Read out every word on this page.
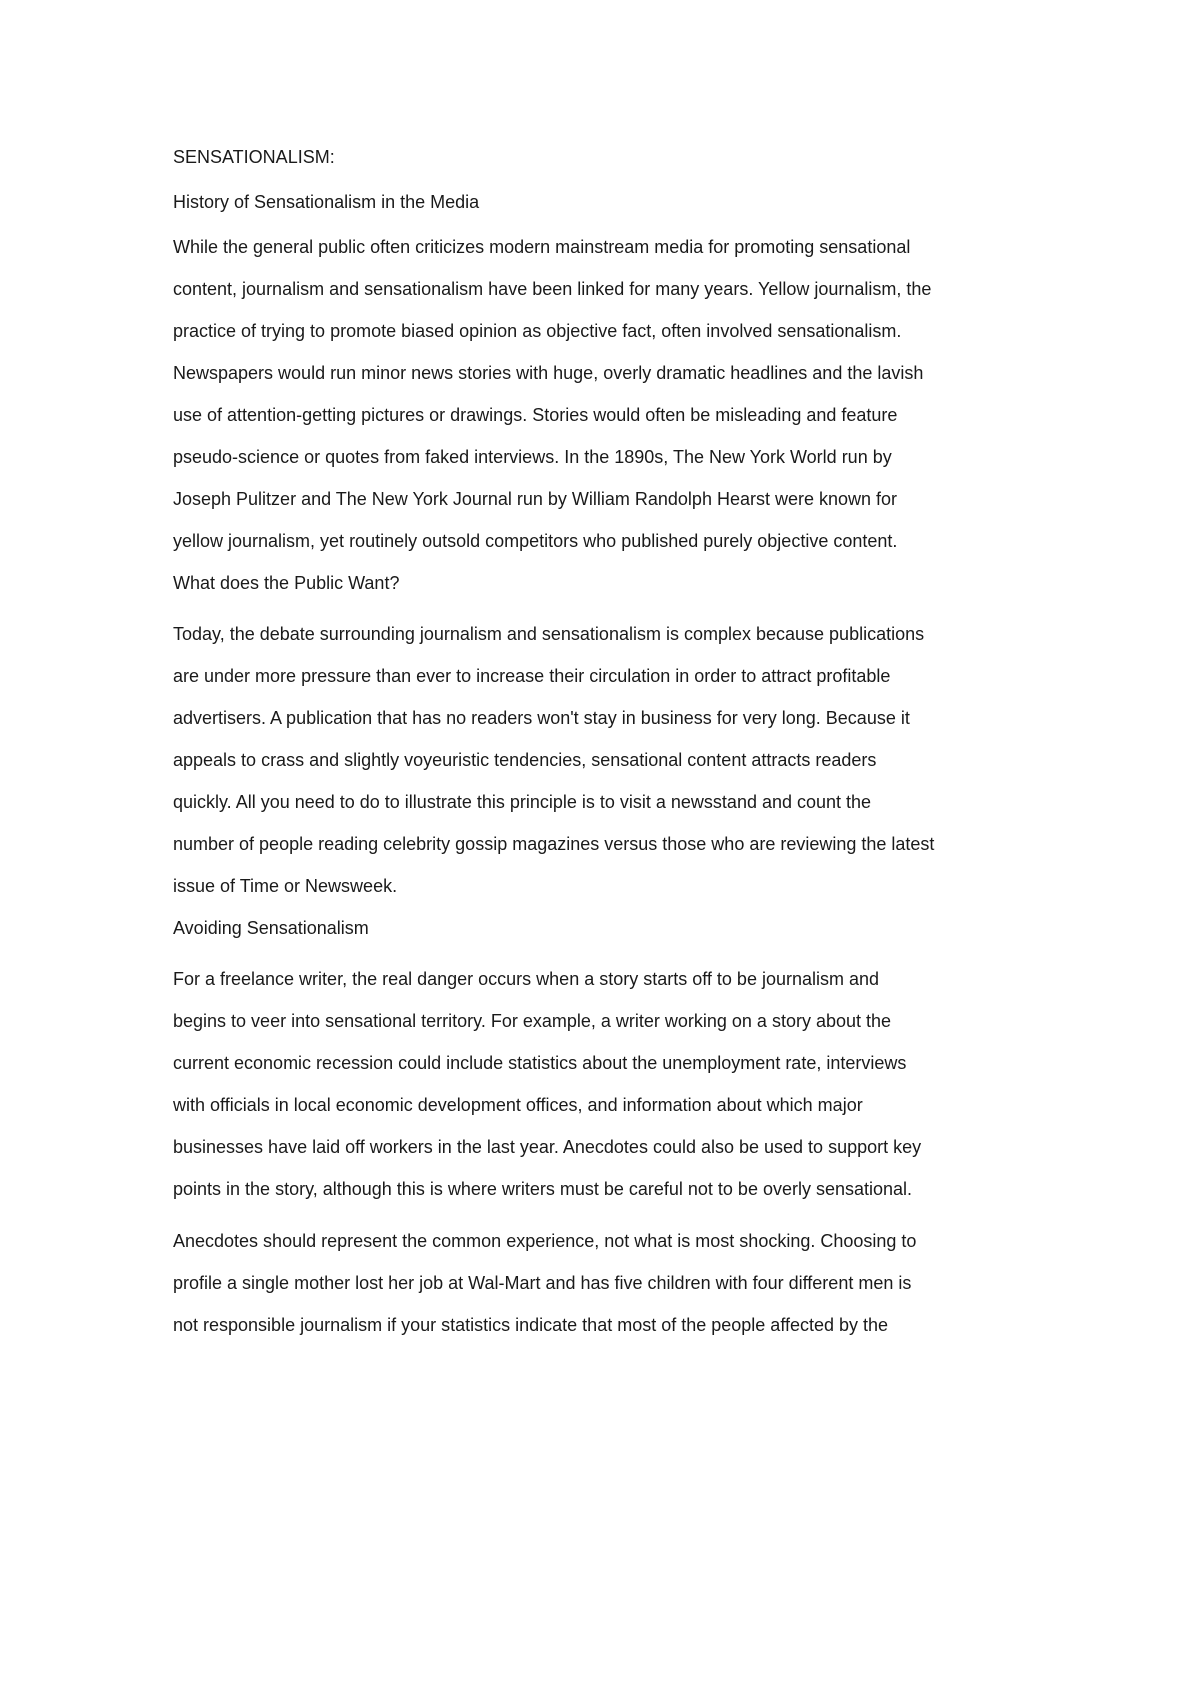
SENSATIONALISM:

History of Sensationalism in the Media

While the general public often criticizes modern mainstream media for promoting sensational

content, journalism and sensationalism have been linked for many years. Yellow journalism, the

practice of trying to promote biased opinion as objective fact, often involved sensationalism.

Newspapers would run minor news stories with huge, overly dramatic headlines and the lavish

use of attention-getting pictures or drawings. Stories would often be misleading and feature

pseudo-science or quotes from faked interviews. In the 1890s, The New York World run by

Joseph Pulitzer and The New York Journal run by William Randolph Hearst were known for

yellow journalism, yet routinely outsold competitors who published purely objective content.

What does the Public Want?

Today, the debate surrounding journalism and sensationalism is complex because publications

are under more pressure than ever to increase their circulation in order to attract profitable

advertisers. A publication that has no readers won't stay in business for very long. Because it

appeals to crass and slightly voyeuristic tendencies, sensational content attracts readers

quickly. All you need to do to illustrate this principle is to visit a newsstand and count the

number of people reading celebrity gossip magazines versus those who are reviewing the latest

issue of Time or Newsweek.

Avoiding Sensationalism

For a freelance writer, the real danger occurs when a story starts off to be journalism and

begins to veer into sensational territory. For example, a writer working on a story about the

current economic recession could include statistics about the unemployment rate, interviews

with officials in local economic development offices, and information about which major

businesses have laid off workers in the last year. Anecdotes could also be used to support key

points in the story, although this is where writers must be careful not to be overly sensational.

Anecdotes should represent the common experience, not what is most shocking. Choosing to

profile a single mother lost her job at Wal-Mart and has five children with four different men is

not responsible journalism if your statistics indicate that most of the people affected by the
